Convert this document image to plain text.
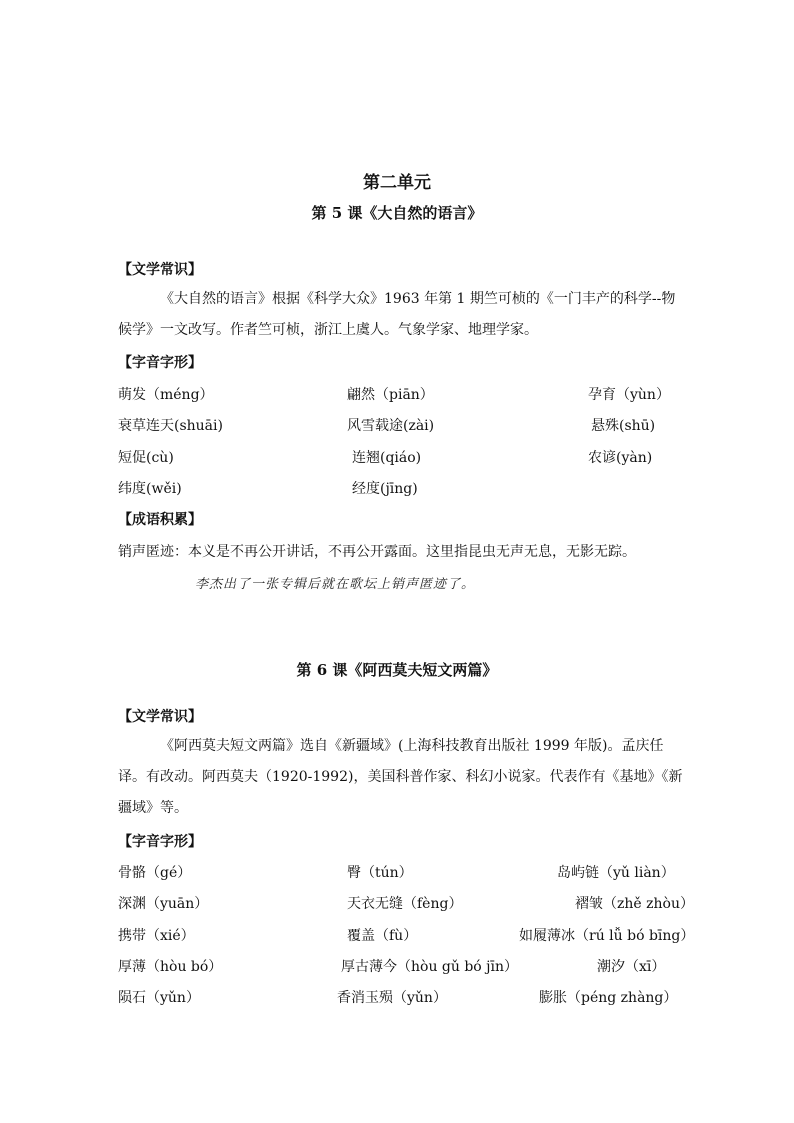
第二单元
第 5 课《大自然的语言》
【文学常识】
《大自然的语言》根据《科学大众》1963 年第 1 期竺可桢的《一门丰产的科学--物候学》一文改写。作者竺可桢，浙江上虞人。气象学家、地理学家。
【字音字形】
萌发（méng）	翩然（piān）	孕育（yùn）
衰草连天(shuāi)	风雪载途(zài)	悬殊(shū)
短促(cù)	连翘(qiáo)	农谚(yàn)
纬度(wěi)	经度(jīng)
【成语积累】
销声匿迹：本义是不再公开讲话，不再公开露面。这里指昆虫无声无息，无影无踪。
李杰出了一张专辑后就在歌坛上销声匿迹了。
第 6 课《阿西莫夫短文两篇》
【文学常识】
《阿西莫夫短文两篇》选自《新疆域》(上海科技教育出版社 1999 年版)。孟庆任译。有改动。阿西莫夫（1920-1992)，美国科普作家、科幻小说家。代表作有《基地》《新疆域》等。
【字音字形】
骨骼（gé）	臀（tún）	岛屿链（yǔ liàn）
深渊（yuān）	天衣无缝（fèng）	褶皱（zhě zhòu）
携带（xié）	覆盖（fù）	如履薄冰（rú lǚ bó bīng）
厚薄（hòu bó）	厚古薄今（hòu gǔ bó jīn）	潮汐（xī）
陨石（yǔn）	香消玉殒（yǔn）	膨胀（péng zhàng）
